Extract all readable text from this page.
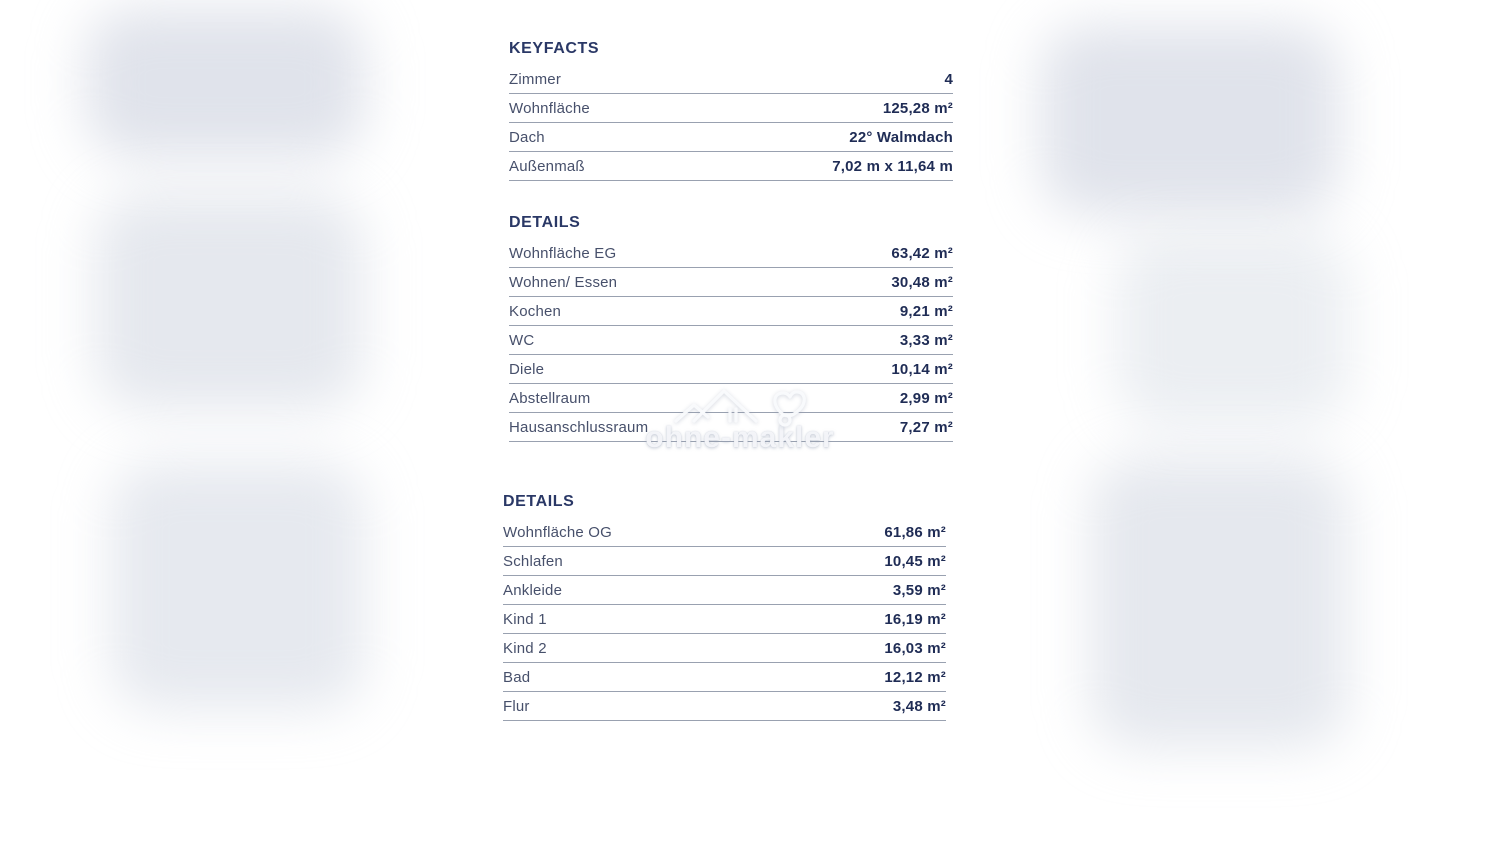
KEYFACTS
Zimmer	4
Wohnfläche	125,28 m²
Dach	22° Walmdach
Außenmaß	7,02 m x 11,64 m
DETAILS
Wohnfläche EG	63,42 m²
Wohnen/ Essen	30,48 m²
Kochen	9,21 m²
WC	3,33 m²
Diele	10,14 m²
Abstellraum	2,99 m²
Hausanschlussraum	7,27 m²
DETAILS
Wohnfläche OG	61,86 m²
Schlafen	10,45 m²
Ankleide	3,59 m²
Kind 1	16,19 m²
Kind 2	16,03 m²
Bad	12,12 m²
Flur	3,48 m²
ohne-makler
